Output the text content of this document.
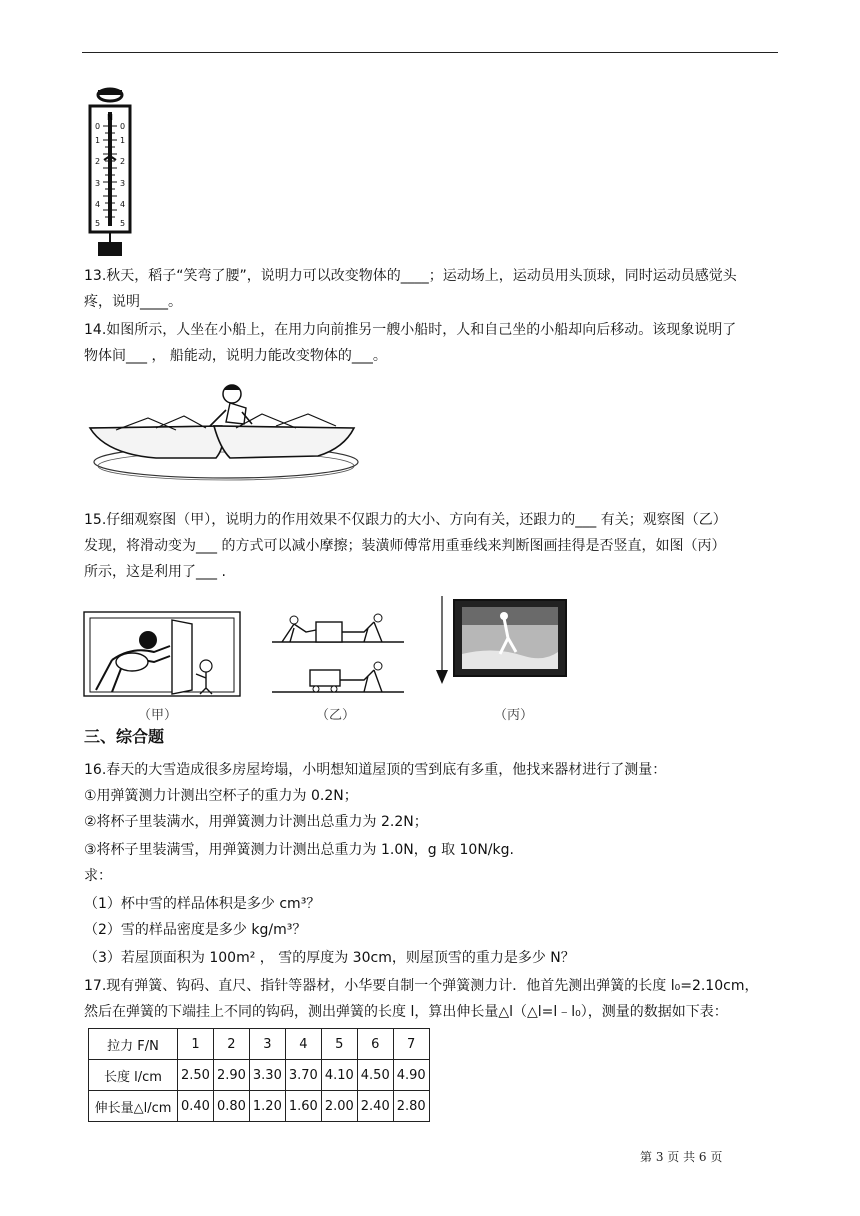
N
0
1
2
3
4
5
0
1
2
3
4
5

13.秋天，稻子“笑弯了腰”，说明力可以改变物体的____；运动场上，运动员用头顶球，同时运动员感觉头

疼，说明____。

14.如图所示，人坐在小船上，在用力向前推另一艘小船时，人和自己坐的小船却向后移动。该现象说明了

物体间___ ， 船能动，说明力能改变物体的___。

15.仔细观察图（甲），说明力的作用效果不仅跟力的大小、方向有关，还跟力的___ 有关；观察图（乙）

发现，将滑动变为___ 的方式可以减小摩擦；装潢师傅常用重垂线来判断图画挂得是否竖直，如图（丙）

所示，这是利用了___ .

（甲）	（乙）	（丙）
三、综合题

16.春天的大雪造成很多房屋垮塌，小明想知道屋顶的雪到底有多重，他找来器材进行了测量：

①用弹簧测力计测出空杯子的重力为 0.2N；

②将杯子里装满水，用弹簧测力计测出总重力为 2.2N；

③将杯子里装满雪，用弹簧测力计测出总重力为 1.0N，g 取 10N/kg.

求：

（1）杯中雪的样品体积是多少 cm³？

（2）雪的样品密度是多少 kg/m³？

（3）若屋顶面积为 100m² ， 雪的厚度为 30cm，则屋顶雪的重力是多少 N？

17.现有弹簧、钩码、直尺、指针等器材，小华要自制一个弹簧测力计．他首先测出弹簧的长度 l₀=2.10cm，

然后在弹簧的下端挂上不同的钩码，测出弹簧的长度 l，算出伸长量△l（△l=l﹣l₀），测量的数据如下表：

拉力 F/N	1	2	3	4	5	6	7
长度 l/cm	2.50	2.90	3.30	3.70	4.10	4.50	4.90
伸长量△l/cm	0.40	0.80	1.20	1.60	2.00	2.40	2.80
第 3 页 共 6 页
